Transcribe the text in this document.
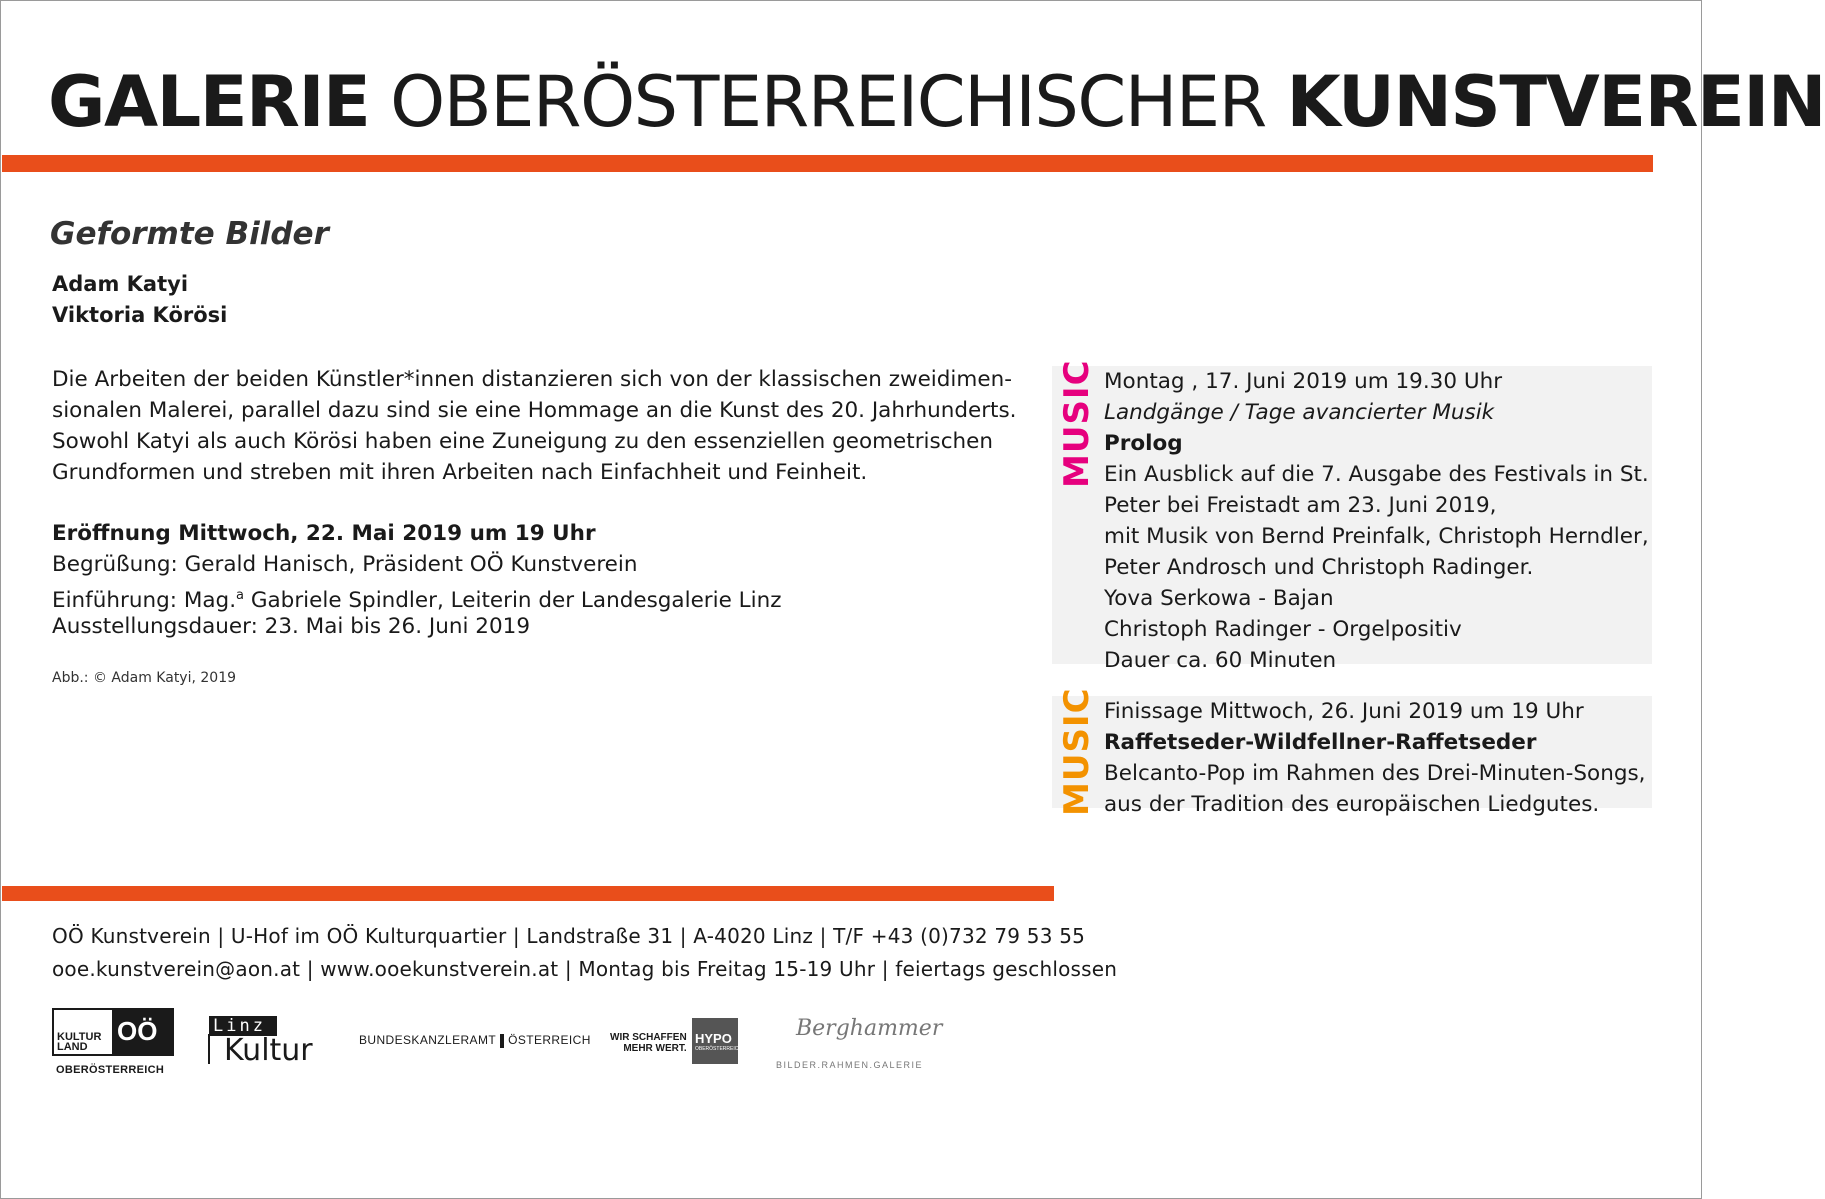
GALERIE OBERÖSTERREICHISCHER KUNSTVEREIN
Geformte Bilder
Adam Katyi
Viktoria Körösi

Die Arbeiten der beiden Künstler*innen distanzieren sich von der klassischen zweidimen-

sionalen Malerei, parallel dazu sind sie eine Hommage an die Kunst des 20. Jahrhunderts.

Sowohl Katyi als auch Körösi haben eine Zuneigung zu den essenziellen geometrischen

Grundformen und streben mit ihren Arbeiten nach Einfachheit und Feinheit.

Eröffnung Mittwoch, 22. Mai 2019 um 19 Uhr
Begrüßung: Gerald Hanisch, Präsident OÖ Kunstverein
Einführung: Mag.$^a$ Gabriele Spindler, Leiterin der Landesgalerie Linz
Ausstellungsdauer: 23. Mai bis 26. Juni 2019
Abb.: © Adam Katyi, 2019
MUSIC Montag , 17. Juni 2019 um 19.30 Uhr
Landgänge / Tage avancierter Musik
Prolog
Ein Ausblick auf die 7. Ausgabe des Festivals in St.
Peter bei Freistadt am 23. Juni 2019,
mit Musik von Bernd Preinfalk, Christoph Herndler,
Peter Androsch und Christoph Radinger.
Yova Serkowa - Bajan
Christoph Radinger - Orgelpositiv
Dauer ca. 60 Minuten
MUSIC Finissage Mittwoch, 26. Juni 2019 um 19 Uhr
Raffetseder-Wildfellner-Raffetseder
Belcanto-Pop im Rahmen des Drei-Minuten-Songs,
aus der Tradition des europäischen Liedgutes.
OÖ Kunstverein | U-Hof im OÖ Kulturquartier | Landstraße 31 | A-4020 Linz | T/F +43 (0)732 79 53 55
ooe.kunstverein@aon.at | www.ooekunstverein.at | Montag bis Freitag 15-19 Uhr | feiertags geschlossen
KULTUR
LAND
OÖ
OBERÖSTERREICH
Linz
Kultur	BUNDESKANZLERAMT ÖSTERREICH WIR SCHAFFEN
MEHR WERT.
HYPO
OBERÖSTERREICH
Berghammer
BILDER.RAHMEN.GALERIE
